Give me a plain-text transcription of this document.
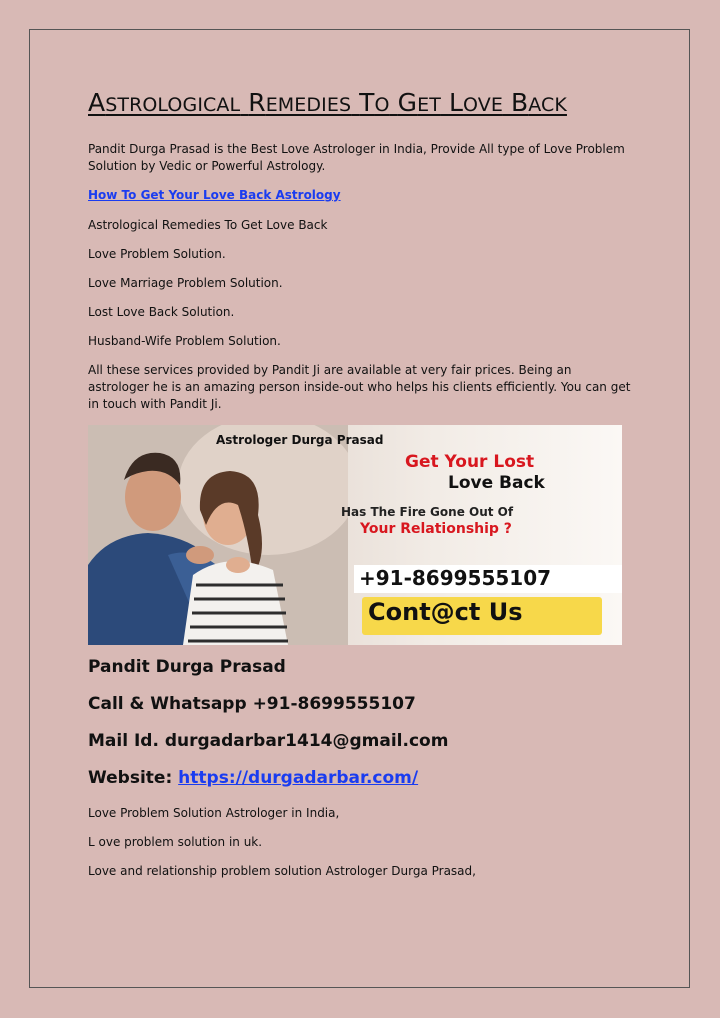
ASTROLOGICAL REMEDIES TO GET LOVE BACK

Pandit Durga Prasad is the Best Love Astrologer in India, Provide All type of Love Problem Solution by Vedic or Powerful Astrology.

How To Get Your Love Back Astrology

Astrological Remedies To Get Love Back

Love Problem Solution.

Love Marriage Problem Solution.

Lost Love Back Solution.

Husband-Wife Problem Solution.

All these services provided by Pandit Ji are available at very fair prices. Being an astrologer he is an amazing person inside-out who helps his clients efficiently. You can get in touch with Pandit Ji.

Astrologer Durga Prasad
Get Your Lost
Love Back
Has The Fire Gone Out Of
Your Relationship ?
+91-8699555107
Cont@ct Us
Pandit Durga Prasad
Call & Whatsapp +91-8699555107
Mail Id. durgadarbar1414@gmail.com
Website: https://durgadarbar.com/

Love Problem Solution Astrologer in India,

L ove problem solution in uk.

Love and relationship problem solution Astrologer Durga Prasad,
